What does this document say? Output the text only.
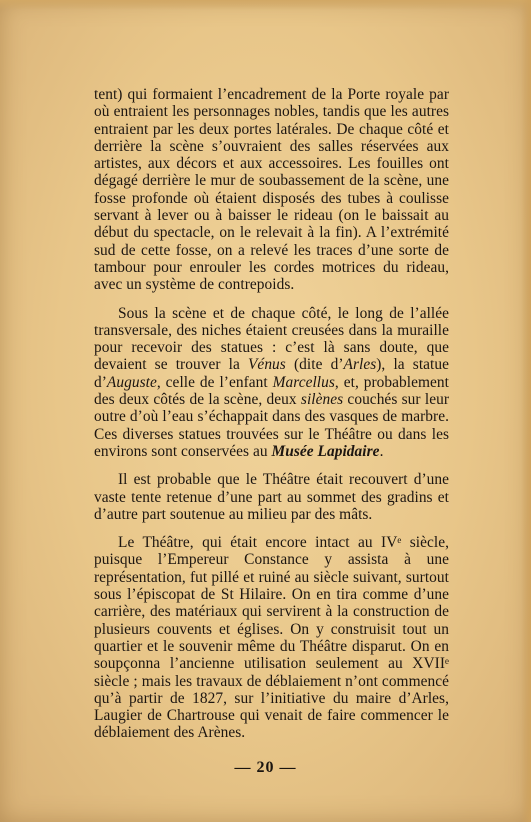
tent) qui formaient l’encadrement de la Porte royale par où entraient les personnages nobles, tandis que les autres entraient par les deux portes latérales. De chaque côté et derrière la scène s’ouvraient des salles réservées aux artistes, aux décors et aux accessoires. Les fouilles ont dégagé derrière le mur de soubassement de la scène, une fosse profonde où étaient disposés des tubes à coulisse servant à lever ou à baisser le rideau (on le baissait au début du spectacle, on le relevait à la fin). A l’extrémité sud de cette fosse, on a relevé les traces d’une sorte de tambour pour enrouler les cordes motrices du rideau, avec un système de contrepoids.

Sous la scène et de chaque côté, le long de l’allée transversale, des niches étaient creusées dans la muraille pour recevoir des statues : c’est là sans doute, que devaient se trouver la Vénus (dite d’Arles), la statue d’Auguste, celle de l’enfant Marcellus, et, probablement des deux côtés de la scène, deux silènes couchés sur leur outre d’où l’eau s’échappait dans des vasques de marbre. Ces diverses statues trouvées sur le Théâtre ou dans les environs sont conservées au Musée Lapidaire.

Il est probable que le Théâtre était recouvert d’une vaste tente retenue d’une part au sommet des gradins et d’autre part soutenue au milieu par des mâts.

Le Théâtre, qui était encore intact au IVᵉ siècle, puisque l’Empereur Constance y assista à une représentation, fut pillé et ruiné au siècle suivant, surtout sous l’épiscopat de St Hilaire. On en tira comme d’une carrière, des matériaux qui servirent à la construction de plusieurs couvents et églises. On y construisit tout un quartier et le souvenir même du Théâtre disparut. On en soupçonna l’ancienne utilisation seulement au XVIIᵉ siècle ; mais les travaux de déblaiement n’ont commencé qu’à partir de 1827, sur l’initiative du maire d’Arles, Laugier de Chartrouse qui venait de faire commencer le déblaiement des Arènes.

— 20 —
